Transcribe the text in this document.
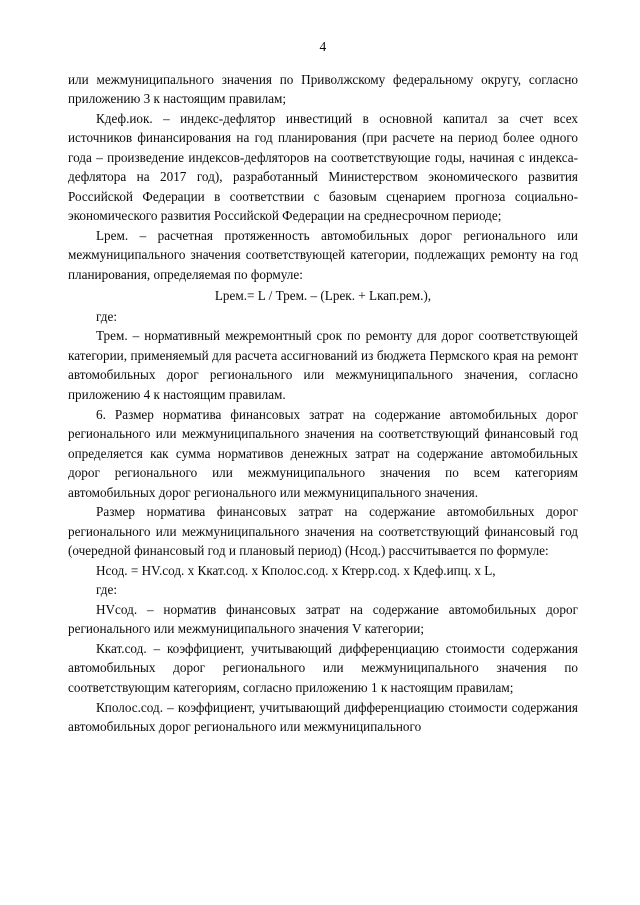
4

или межмуниципального значения по Приволжскому федеральному округу, согласно приложению 3 к настоящим правилам;

Кдеф.иок. – индекс-дефлятор инвестиций в основной капитал за счет всех источников финансирования на год планирования (при расчете на период более одного года – произведение индексов-дефляторов на соответствующие годы, начиная с индекса-дефлятора на 2017 год), разработанный Министерством экономического развития Российской Федерации в соответствии с базовым сценарием прогноза социально-экономического развития Российской Федерации на среднесрочном периоде;

Lрем. – расчетная протяженность автомобильных дорог регионального или межмуниципального значения соответствующей категории, подлежащих ремонту на год планирования, определяемая по формуле:

Lрем.= L / Трем. – (Lрек. + Lкап.рем.),

где:

Трем. – нормативный межремонтный срок по ремонту для дорог соответствующей категории, применяемый для расчета ассигнований из бюджета Пермского края на ремонт автомобильных дорог регионального или межмуниципального значения, согласно приложению 4 к настоящим правилам.

6. Размер норматива финансовых затрат на содержание автомобильных дорог регионального или межмуниципального значения на соответствующий финансовый год определяется как сумма нормативов денежных затрат на содержание автомобильных дорог регионального или межмуниципального значения по всем категориям автомобильных дорог регионального или межмуниципального значения.

Размер норматива финансовых затрат на содержание автомобильных дорог регионального или межмуниципального значения на соответствующий финансовый год (очередной финансовый год и плановый период) (Нсод.) рассчитывается по формуле:

Нсод. = HV.сод. х Ккат.сод. х Кполос.сод. х Ктерр.сод. х Кдеф.ипц. х L,

где:

HVсод. – норматив финансовых затрат на содержание автомобильных дорог регионального или межмуниципального значения V категории;

Ккат.сод. – коэффициент, учитывающий дифференциацию стоимости содержания автомобильных дорог регионального или межмуниципального значения по соответствующим категориям, согласно приложению 1 к настоящим правилам;

Кполос.сод. – коэффициент, учитывающий дифференциацию стоимости содержания автомобильных дорог регионального или межмуниципального
